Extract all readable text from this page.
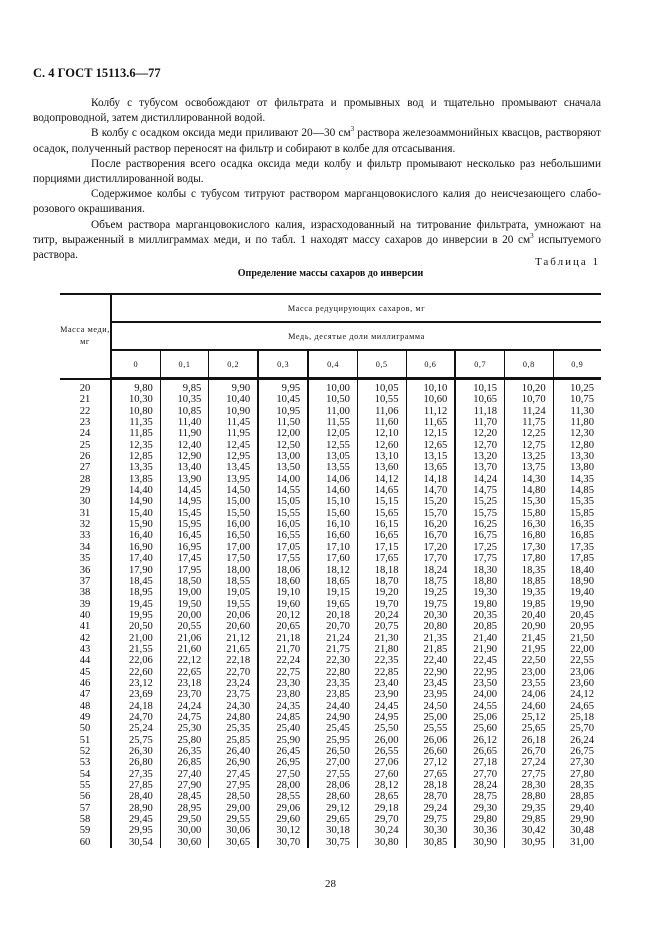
С. 4 ГОСТ 15113.6—77

Колбу с тубусом освобождают от фильтрата и промывных вод и тщательно промывают сначала водопроводной, затем дистиллированной водой.

В колбу с осадком оксида меди приливают 20—30 $см^3$ раствора железоаммонийных квасцов, растворяют осадок, полученный раствор переносят на фильтр и собирают в колбе для отсасывания.

После растворения всего осадка оксида меди колбу и фильтр промывают несколько раз небольшими порциями дистиллированной воды.

Содержимое колбы с тубусом титруют раствором марганцовокислого калия до неисчезающего слабо-розового окрашивания.

Объем раствора марганцовокислого калия, израсходованный на титрование фильтрата, умножают на титр, выраженный в миллиграммах меди, и по табл. 1 находят массу сахаров до инверсии в 20 $см^3$ испытуемого раствора.

Таблица 1
Определение массы сахаров до инверсии
Масса меди, мг	Масса редуцирующих сахаров, мг									
	Медь, десятые доли миллиграмма									
	0	0,1	0,2	0,3	0,4	0,5	0,6	0,7	0,8	0,9
20	9,80	9,85	9,90	9,95	10,00	10,05	10,10	10,15	10,20	10,25
21	10,30	10,35	10,40	10,45	10,50	10,55	10,60	10,65	10,70	10,75
22	10,80	10,85	10,90	10,95	11,00	11,06	11,12	11,18	11,24	11,30
23	11,35	11,40	11,45	11,50	11,55	11,60	11,65	11,70	11,75	11,80
24	11,85	11,90	11,95	12,00	12,05	12,10	12,15	12,20	12,25	12,30
25	12,35	12,40	12,45	12,50	12,55	12,60	12,65	12,70	12,75	12,80
26	12,85	12,90	12,95	13,00	13,05	13,10	13,15	13,20	13,25	13,30
27	13,35	13,40	13,45	13,50	13,55	13,60	13,65	13,70	13,75	13,80
28	13,85	13,90	13,95	14,00	14,06	14,12	14,18	14,24	14,30	14,35
29	14,40	14,45	14,50	14,55	14,60	14,65	14,70	14,75	14,80	14,85
30	14,90	14,95	15,00	15,05	15,10	15,15	15,20	15,25	15,30	15,35
31	15,40	15,45	15,50	15,55	15,60	15,65	15,70	15,75	15,80	15,85
32	15,90	15,95	16,00	16,05	16,10	16,15	16,20	16,25	16,30	16,35
33	16,40	16,45	16,50	16,55	16,60	16,65	16,70	16,75	16,80	16,85
34	16,90	16,95	17,00	17,05	17,10	17,15	17,20	17,25	17,30	17,35
35	17,40	17,45	17,50	17,55	17,60	17,65	17,70	17,75	17,80	17,85
36	17,90	17,95	18,00	18,06	18,12	18,18	18,24	18,30	18,35	18,40
37	18,45	18,50	18,55	18,60	18,65	18,70	18,75	18,80	18,85	18,90
38	18,95	19,00	19,05	19,10	19,15	19,20	19,25	19,30	19,35	19,40
39	19,45	19,50	19,55	19,60	19,65	19,70	19,75	19,80	19,85	19,90
40	19,95	20,00	20,06	20,12	20,18	20,24	20,30	20,35	20,40	20,45
41	20,50	20,55	20,60	20,65	20,70	20,75	20,80	20,85	20,90	20,95
42	21,00	21,06	21,12	21,18	21,24	21,30	21,35	21,40	21,45	21,50
43	21,55	21,60	21,65	21,70	21,75	21,80	21,85	21,90	21,95	22,00
44	22,06	22,12	22,18	22,24	22,30	22,35	22,40	22,45	22,50	22,55
45	22,60	22,65	22,70	22,75	22,80	22,85	22,90	22,95	23,00	23,06
46	23,12	23,18	23,24	23,30	23,35	23,40	23,45	23,50	23,55	23,60
47	23,69	23,70	23,75	23,80	23,85	23,90	23,95	24,00	24,06	24,12
48	24,18	24,24	24,30	24,35	24,40	24,45	24,50	24,55	24,60	24,65
49	24,70	24,75	24,80	24,85	24,90	24,95	25,00	25,06	25,12	25,18
50	25,24	25,30	25,35	25,40	25,45	25,50	25,55	25,60	25,65	25,70
51	25,75	25,80	25,85	25,90	25,95	26,00	26,06	26,12	26,18	26,24
52	26,30	26,35	26,40	26,45	26,50	26,55	26,60	26,65	26,70	26,75
53	26,80	26,85	26,90	26,95	27,00	27,06	27,12	27,18	27,24	27,30
54	27,35	27,40	27,45	27,50	27,55	27,60	27,65	27,70	27,75	27,80
55	27,85	27,90	27,95	28,00	28,06	28,12	28,18	28,24	28,30	28,35
56	28,40	28,45	28,50	28,55	28,60	28,65	28,70	28,75	28,80	28,85
57	28,90	28,95	29,00	29,06	29,12	29,18	29,24	29,30	29,35	29,40
58	29,45	29,50	29,55	29,60	29,65	29,70	29,75	29,80	29,85	29,90
59	29,95	30,00	30,06	30,12	30,18	30,24	30,30	30,36	30,42	30,48
60	30,54	30,60	30,65	30,70	30,75	30,80	30,85	30,90	30,95	31,00
28
